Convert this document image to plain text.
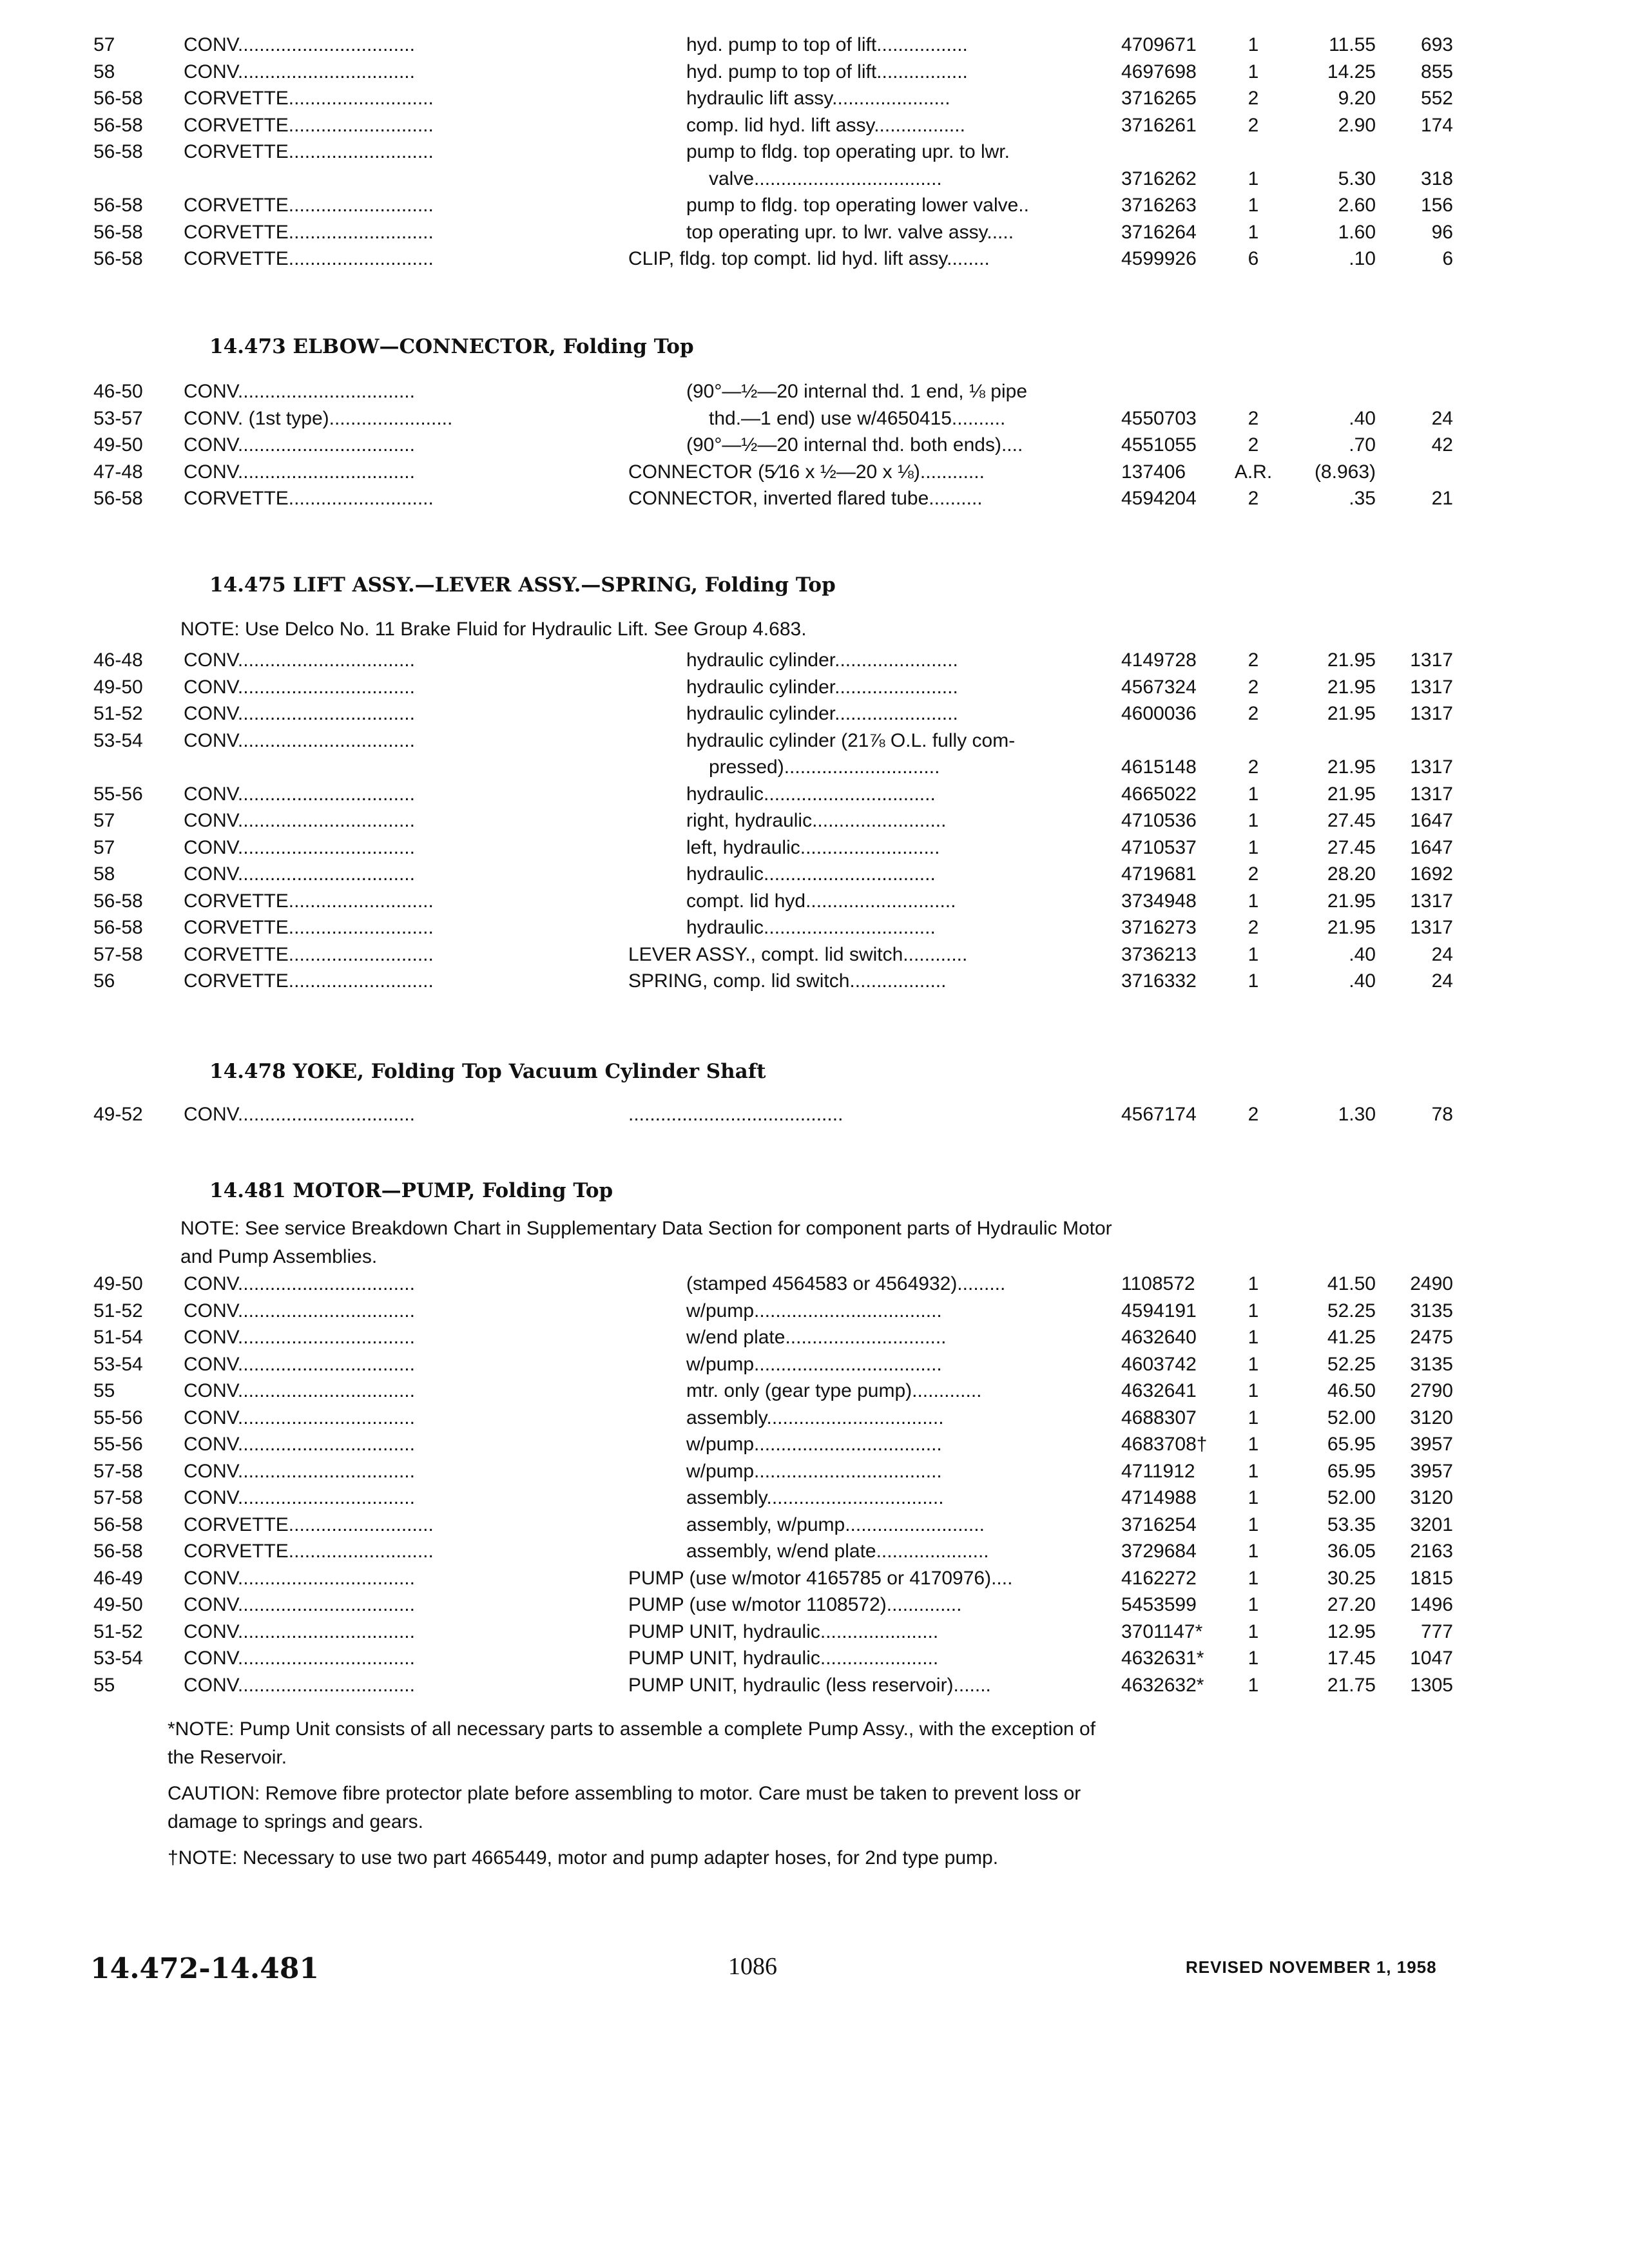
57	CONV.................................	hyd. pump to top of lift.................	4709671	1	11.55	693
58	CONV.................................	hyd. pump to top of lift.................	4697698	1	14.25	855
56-58	CORVETTE...........................	hydraulic lift assy......................	3716265	2	9.20	552
56-58	CORVETTE...........................	comp. lid hyd. lift assy.................	3716261	2	2.90	174
56-58	CORVETTE...........................	pump to fldg. top operating upr. to lwr.
valve...................................	3716262	1	5.30	318
56-58	CORVETTE...........................	pump to fldg. top operating lower valve..	3716263	1	2.60	156
56-58	CORVETTE...........................	top operating upr. to lwr. valve assy.....	3716264	1	1.60	96
56-58	CORVETTE...........................	CLIP, fldg. top compt. lid hyd. lift assy........	4599926	6	.10	6
14.473 ELBOW—CONNECTOR, Folding Top
46-50	CONV.................................	(90°—½—20 internal thd. 1 end, ⅛ pipe
53-57	CONV. (1st type).......................	thd.—1 end) use w/4650415..........	4550703	2	.40	24
49-50	CONV.................................	(90°—½—20 internal thd. both ends)....	4551055	2	.70	42
47-48	CONV.................................	CONNECTOR (5⁄16 x ½—20 x ⅛)............	137406	A.R.	(8.963)
56-58	CORVETTE...........................	CONNECTOR, inverted flared tube..........	4594204	2	.35	21
14.475 LIFT ASSY.—LEVER ASSY.—SPRING, Folding Top
NOTE: Use Delco No. 11 Brake Fluid for Hydraulic Lift. See Group 4.683.
46-48	CONV.................................	hydraulic cylinder.......................	4149728	2	21.95	1317
49-50	CONV.................................	hydraulic cylinder.......................	4567324	2	21.95	1317
51-52	CONV.................................	hydraulic cylinder.......................	4600036	2	21.95	1317
53-54	CONV.................................	hydraulic cylinder (21⅞ O.L. fully com-
pressed).............................	4615148	2	21.95	1317
55-56	CONV.................................	hydraulic................................	4665022	1	21.95	1317
57	CONV.................................	right, hydraulic.........................	4710536	1	27.45	1647
57	CONV.................................	left, hydraulic..........................	4710537	1	27.45	1647
58	CONV.................................	hydraulic................................	4719681	2	28.20	1692
56-58	CORVETTE...........................	compt. lid hyd............................	3734948	1	21.95	1317
56-58	CORVETTE...........................	hydraulic................................	3716273	2	21.95	1317
57-58	CORVETTE...........................	LEVER ASSY., compt. lid switch............	3736213	1	.40	24
56	CORVETTE...........................	SPRING, comp. lid switch..................	3716332	1	.40	24
14.478 YOKE, Folding Top Vacuum Cylinder Shaft
49-52	CONV.................................	........................................	4567174	2	1.30	78
14.481 MOTOR—PUMP, Folding Top
NOTE: See service Breakdown Chart in Supplementary Data Section for component parts of Hydraulic Motor and Pump Assemblies.
49-50	CONV.................................	(stamped 4564583 or 4564932).........	1108572	1	41.50	2490
51-52	CONV.................................	w/pump...................................	4594191	1	52.25	3135
51-54	CONV.................................	w/end plate..............................	4632640	1	41.25	2475
53-54	CONV.................................	w/pump...................................	4603742	1	52.25	3135
55	CONV.................................	mtr. only (gear type pump).............	4632641	1	46.50	2790
55-56	CONV.................................	assembly.................................	4688307	1	52.00	3120
55-56	CONV.................................	w/pump...................................	4683708†	1	65.95	3957
57-58	CONV.................................	w/pump...................................	4711912	1	65.95	3957
57-58	CONV.................................	assembly.................................	4714988	1	52.00	3120
56-58	CORVETTE...........................	assembly, w/pump..........................	3716254	1	53.35	3201
56-58	CORVETTE...........................	assembly, w/end plate.....................	3729684	1	36.05	2163
46-49	CONV.................................	PUMP (use w/motor 4165785 or 4170976)....	4162272	1	30.25	1815
49-50	CONV.................................	PUMP (use w/motor 1108572)..............	5453599	1	27.20	1496
51-52	CONV.................................	PUMP UNIT, hydraulic......................	3701147*	1	12.95	777
53-54	CONV.................................	PUMP UNIT, hydraulic......................	4632631*	1	17.45	1047
55	CONV.................................	PUMP UNIT, hydraulic (less reservoir).......	4632632*	1	21.75	1305
*NOTE: Pump Unit consists of all necessary parts to assemble a complete Pump Assy., with the exception of the Reservoir.
CAUTION: Remove fibre protector plate before assembling to motor. Care must be taken to prevent loss or damage to springs and gears.
†NOTE: Necessary to use two part 4665449, motor and pump adapter hoses, for 2nd type pump.
14.472-14.481	1086	REVISED NOVEMBER 1, 1958
